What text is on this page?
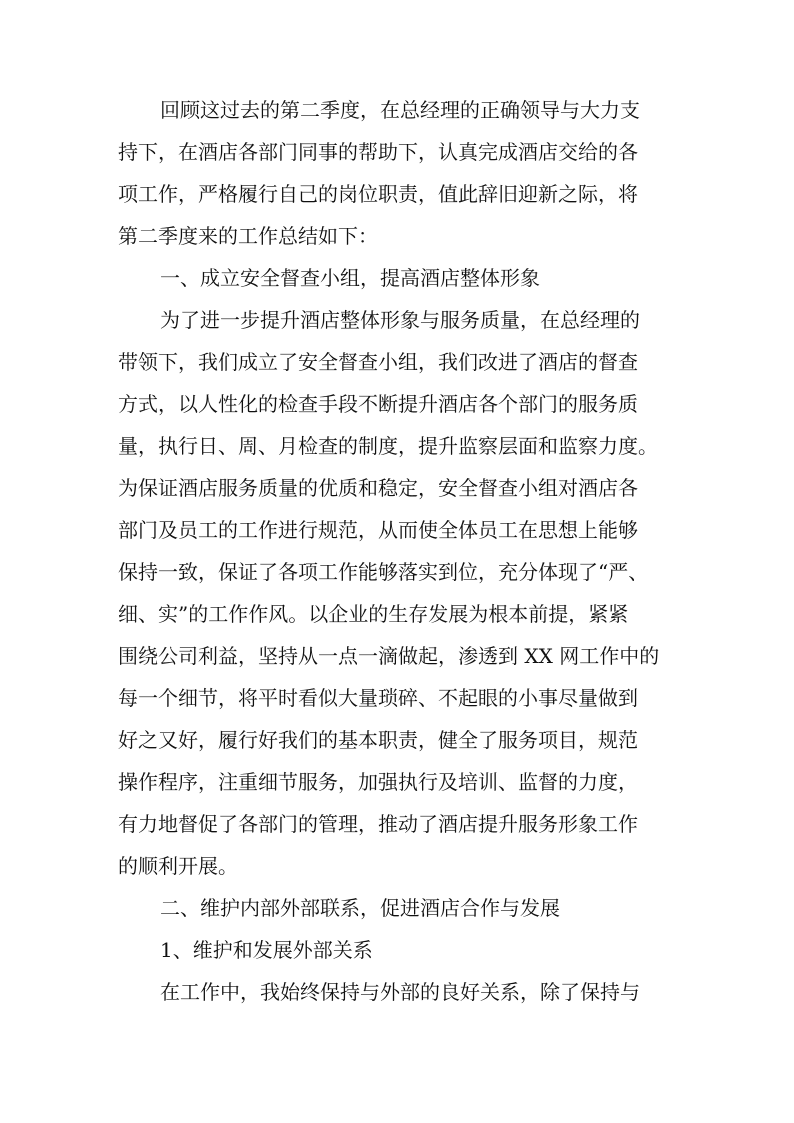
回顾这过去的第二季度，在总经理的正确领导与大力支
持下，在酒店各部门同事的帮助下，认真完成酒店交给的各
项工作，严格履行自己的岗位职责，值此辞旧迎新之际，将
第二季度来的工作总结如下：
一、成立安全督查小组，提高酒店整体形象
为了进一步提升酒店整体形象与服务质量，在总经理的
带领下，我们成立了安全督查小组，我们改进了酒店的督查
方式，以人性化的检查手段不断提升酒店各个部门的服务质
量，执行日、周、月检查的制度，提升监察层面和监察力度。
为保证酒店服务质量的优质和稳定，安全督查小组对酒店各
部门及员工的工作进行规范，从而使全体员工在思想上能够
保持一致，保证了各项工作能够落实到位，充分体现了“严、
细、实”的工作作风。以企业的生存发展为根本前提，紧紧
围绕公司利益，坚持从一点一滴做起，渗透到 XX 网工作中的
每一个细节，将平时看似大量琐碎、不起眼的小事尽量做到
好之又好，履行好我们的基本职责，健全了服务项目，规范
操作程序，注重细节服务，加强执行及培训、监督的力度，
有力地督促了各部门的管理，推动了酒店提升服务形象工作
的顺利开展。
二、维护内部外部联系，促进酒店合作与发展
1、维护和发展外部关系
在工作中，我始终保持与外部的良好关系，除了保持与
